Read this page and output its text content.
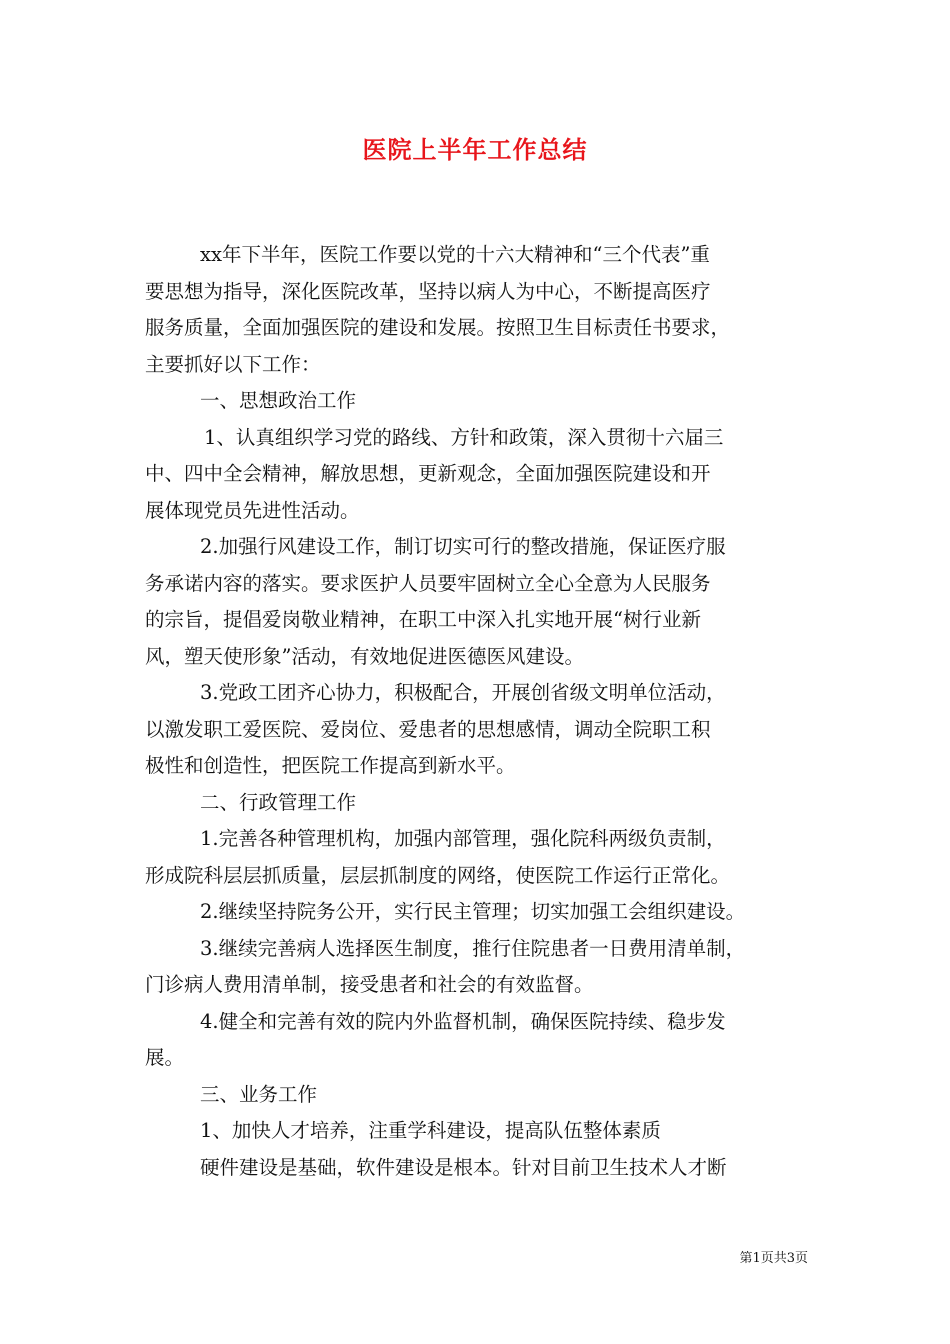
医院上半年工作总结
xx年下半年，医院工作要以党的十六大精神和“三个代表”重
要思想为指导，深化医院改革，坚持以病人为中心，不断提高医疗
服务质量，全面加强医院的建设和发展。按照卫生目标责任书要求，
主要抓好以下工作：
一、思想政治工作
1、认真组织学习党的路线、方针和政策，深入贯彻十六届三
中、四中全会精神，解放思想，更新观念，全面加强医院建设和开
展体现党员先进性活动。
2.加强行风建设工作，制订切实可行的整改措施，保证医疗服
务承诺内容的落实。要求医护人员要牢固树立全心全意为人民服务
的宗旨，提倡爱岗敬业精神，在职工中深入扎实地开展“树行业新
风，塑天使形象”活动，有效地促进医德医风建设。
3.党政工团齐心协力，积极配合，开展创省级文明单位活动，
以激发职工爱医院、爱岗位、爱患者的思想感情，调动全院职工积
极性和创造性，把医院工作提高到新水平。
二、行政管理工作
1.完善各种管理机构，加强内部管理，强化院科两级负责制，
形成院科层层抓质量，层层抓制度的网络，使医院工作运行正常化。
2.继续坚持院务公开，实行民主管理；切实加强工会组织建设。
3.继续完善病人选择医生制度，推行住院患者一日费用清单制，
门诊病人费用清单制，接受患者和社会的有效监督。
4.健全和完善有效的院内外监督机制，确保医院持续、稳步发
展。
三、业务工作
1、加快人才培养，注重学科建设，提高队伍整体素质
硬件建设是基础，软件建设是根本。针对目前卫生技术人才断
第1页共3页
